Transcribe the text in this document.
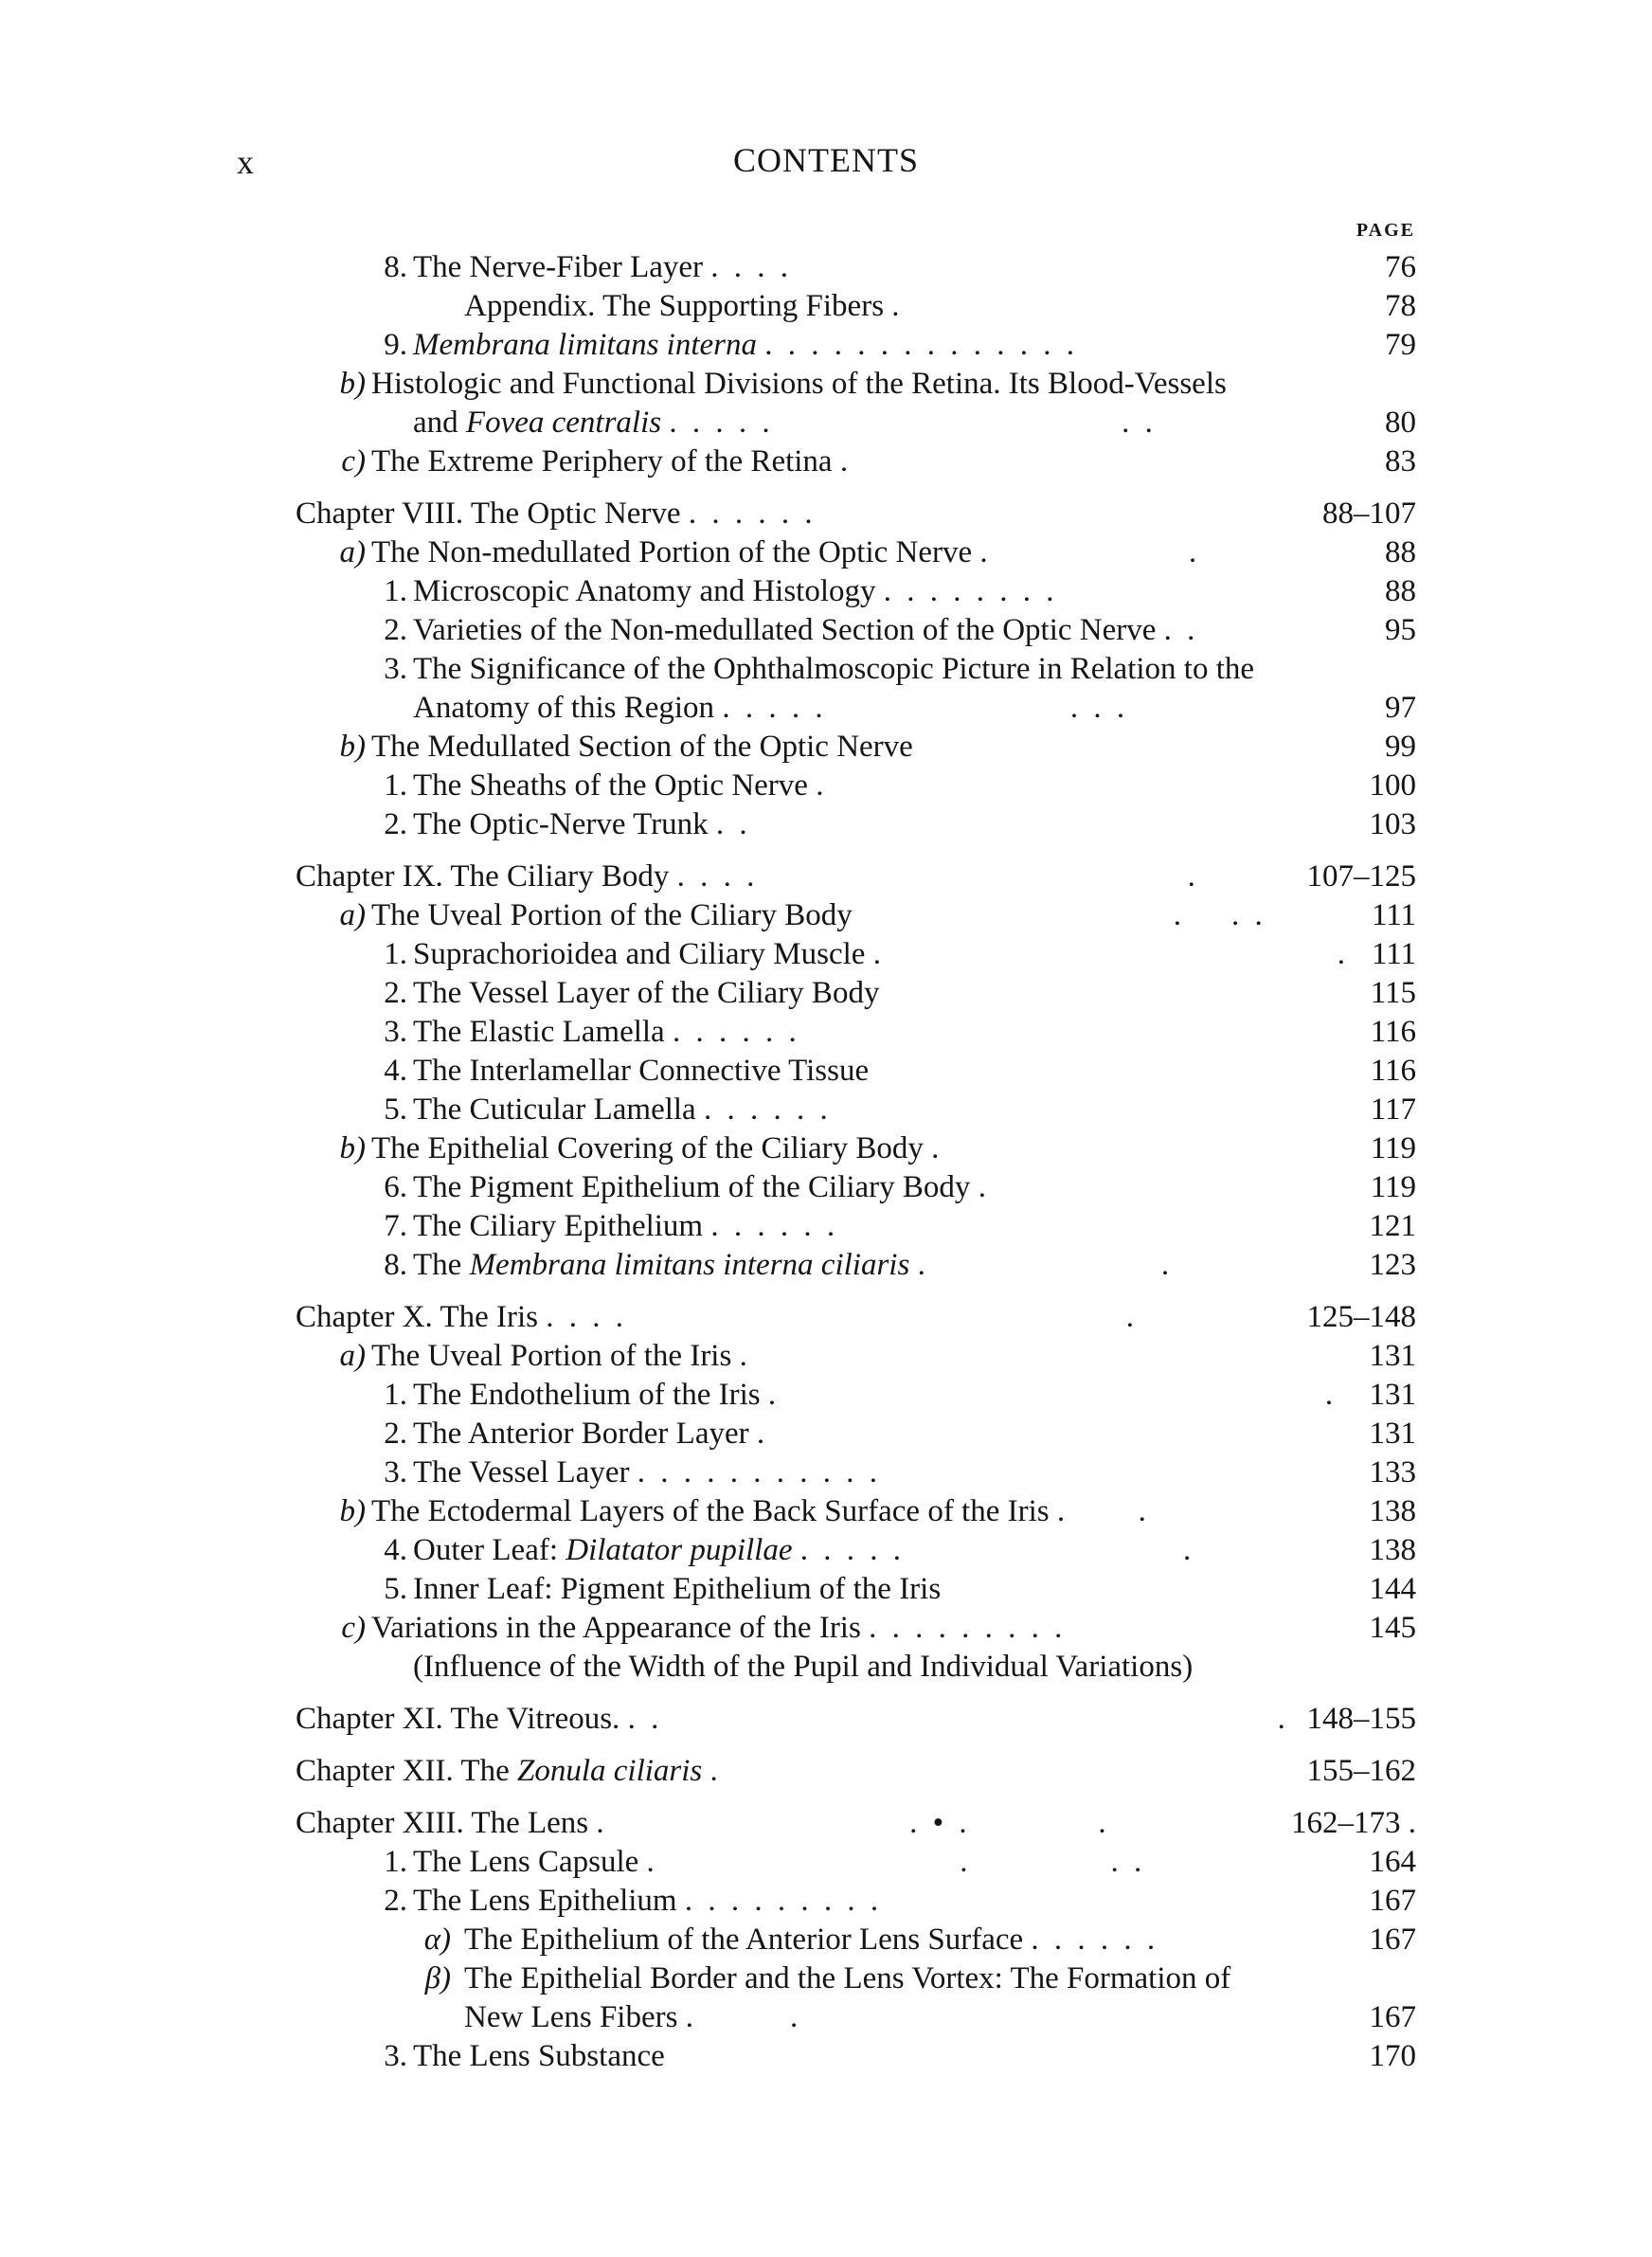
x	CONTENTS
PAGE
8. The Nerve-Fiber Layer . . . .	76
Appendix. The Supporting Fibers .	78
9. Membrana limitans interna . . . . . . . . . . . . . .	79
b) Histologic and Functional Divisions of the Retina. Its Blood-Vessels
and Fovea centralis . . . . .                              . .	80
c) The Extreme Periphery of the Retina .	83
Chapter VIII. The Optic Nerve . . . . . .	88–107
a) The Non-medullated Portion of the Optic Nerve .                 .	88
1. Microscopic Anatomy and Histology . . . . . . . .	88
2. Varieties of the Non-medullated Section of the Optic Nerve . .	95
3. The Significance of the Ophthalmoscopic Picture in Relation to the
Anatomy of this Region . . . . .                     . . .	97
b) The Medullated Section of the Optic Nerve	99
1. The Sheaths of the Optic Nerve .	100
2. The Optic-Nerve Trunk . .	103
Chapter IX. The Ciliary Body . . . .                                     .	107–125
a) The Uveal Portion of the Ciliary Body                            .    . .	111
1. Suprachorioidea and Ciliary Muscle .                                       . 111
2. The Vessel Layer of the Ciliary Body	115
3. The Elastic Lamella . . . . . .	116
4. The Interlamellar Connective Tissue	116
5. The Cuticular Lamella . . . . . .	117
b) The Epithelial Covering of the Ciliary Body .	119
6. The Pigment Epithelium of the Ciliary Body .	119
7. The Ciliary Epithelium . . . . . .	121
8. The Membrana limitans interna ciliaris .                    .	123
Chapter X. The Iris . . . .                                           .	125–148
a) The Uveal Portion of the Iris .	131
1. The Endothelium of the Iris .                                               . 131
2. The Anterior Border Layer .	131
3. The Vessel Layer . . . . . . . . . . .	133
b) The Ectodermal Layers of the Back Surface of the Iris .      .	138
4. Outer Leaf: Dilatator pupillae . . . . .                        .	138
5. Inner Leaf: Pigment Epithelium of the Iris	144
c) Variations in the Appearance of the Iris . . . . . . . . .	145
(Influence of the Width of the Pupil and Individual Variations)
Chapter XI. The Vitreous. . .                                                     . 148–155
Chapter XII. The Zonula ciliaris .	155–162
Chapter XIII. The Lens .                          . • .           .	162–173 .
1. The Lens Capsule .                          .            . .	164
2. The Lens Epithelium . . . . . . . . .	167
α) The Epithelium of the Anterior Lens Surface . . . . . .	167
β) The Epithelial Border and the Lens Vortex: The Formation of
New Lens Fibers .        .	167
3. The Lens Substance	170
